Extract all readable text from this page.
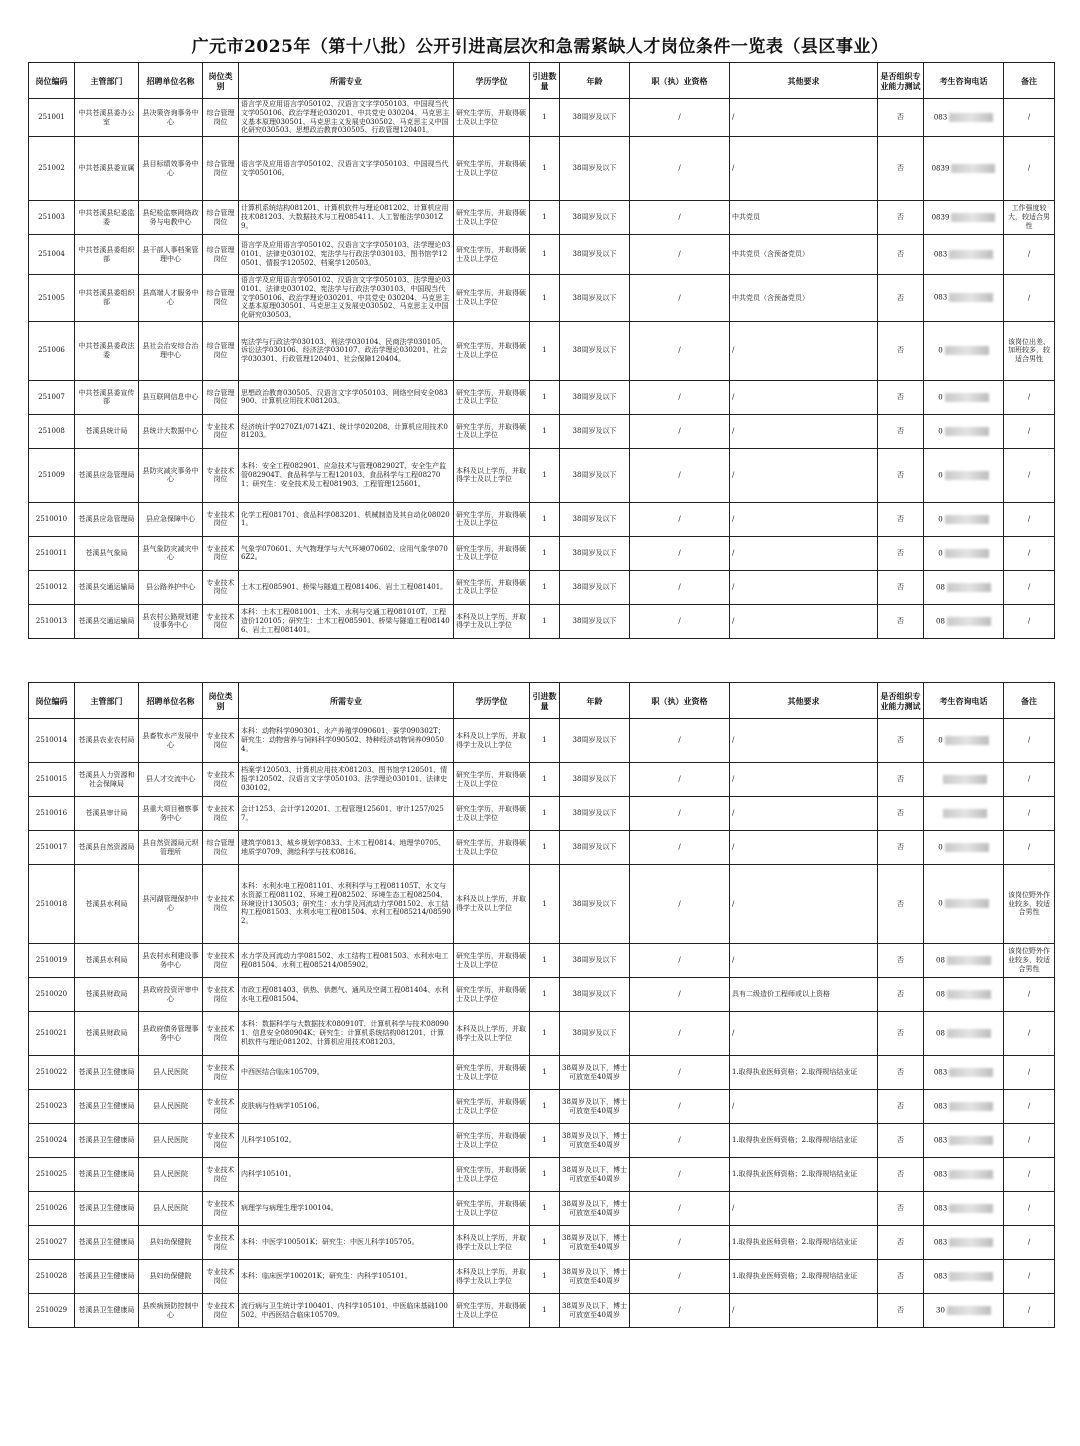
广元市2025年（第十八批）公开引进高层次和急需紧缺人才岗位条件一览表（县区事业）
岗位编码	主管部门	招聘单位名称	岗位类别	所需专业	学历学位	引进数量	年龄	职（执）业资格	其他要求	是否组织专业能力测试	考生咨询电话	备注
251001	中共苍溪县委办公室	县决策咨询事务中心	综合管理岗位	语言学及应用语言学050102、汉语言文字学050103、中国现当代文学050106、政治学理论030201、中共党史 030204、马克思主义基本原理030501、马克思主义发展史030502、马克思主义中国化研究030503、思想政治教育030505、行政管理120401。	研究生学历，并取得硕士及以上学位	1	38周岁及以下	/	/	否	083	/
251002	中共苍溪县委宣属	县目标绩效事务中心	综合管理岗位	语言学及应用语言学050102、汉语言文字学050103、中国现当代文学050106。	研究生学历，并取得硕士及以上学位	1	38周岁及以下	/	/	否	0839	/
251003	中共苍溪县纪委监委	县纪检监察网络政务与电教中心	综合管理岗位	计算机系统结构081201、计算机软件与理论081202、计算机应用技术081203、大数据技术与工程085411、人工智能法学0301Z9。	研究生学历，并取得硕士及以上学位	1	38周岁及以下	/	中共党员	否	0839	工作强度较大，较适合男性
251004	中共苍溪县委组织部	县干部人事档案管理中心	综合管理岗位	语言学及应用语言学050102、汉语言文字学050103、法学理论030101、法律史030102、宪法学与行政法学030103、图书馆学120501、情报学120502、档案学120503。	研究生学历，并取得硕士及以上学位	1	38周岁及以下	/	中共党员（含预备党员）	否	083	/
251005	中共苍溪县委组织部	县高端人才服务中心	综合管理岗位	语言学及应用语言学050102、汉语言文字学050103、法学理论030101、法律史030102、宪法学与行政法学030103、中国现当代文学050106、政治学理论030201、中共党史 030204、马克思主义基本原理030501、马克思主义发展史030502、马克思主义中国化研究030503。	研究生学历，并取得硕士及以上学位	1	38周岁及以下	/	中共党员（含预备党员）	否	083	/
251006	中共苍溪县委政法委	县社会治安综合治理中心	综合管理岗位	宪法学与行政法学030103、刑法学030104、民商法学030105、诉讼法学030106、经济法学030107、政治学理论030201、社会学030301、行政管理120401、社会保障120404。	研究生学历，并取得硕士及以上学位	1	38周岁及以下	/	/	否	0	该岗位出差、加班较多，较适合男性
251007	中共苍溪县委宣传部	县互联网信息中心	综合管理岗位	思想政治教育030505、汉语言文字学050103、网络空间安全083900、计算机应用技术081203。	研究生学历，并取得硕士及以上学位	1	38周岁及以下	/	/	否	0	/
251008	苍溪县统计局	县统计大数据中心	专业技术岗位	经济统计学0270Z1/0714Z1、统计学020208、计算机应用技术081203。	研究生学历，并取得硕士及以上学位	1	38周岁及以下	/	/	否	0	/
251009	苍溪县应急管理局	县防灾减灾事务中心	专业技术岗位	本科：安全工程082901、应急技术与管理082902T、安全生产监管082904T、食品科学与工程120103、食品科学与工程082701；研究生：安全技术及工程081903、工程管理125601。	本科及以上学历，并取得学士及以上学位	1	38周岁及以下	/	/	否	0	/
2510010	苍溪县应急管理局	县应急保障中心	专业技术岗位	化学工程081701、食品科学083201、机械制造及其自动化080201。	研究生学历，并取得硕士及以上学位	1	38周岁及以下	/	/	否	0	/
2510011	苍溪县气象局	县气象防灾减灾中心	专业技术岗位	气象学070601、大气物理学与大气环境070602、应用气象学0706Z2。	研究生学历，并取得硕士及以上学位	1	38周岁及以下	/	/	否	0	/
2510012	苍溪县交通运输局	县公路养护中心	专业技术岗位	土木工程085901、桥梁与隧道工程081406、岩土工程081401。	研究生学历，并取得硕士及以上学位	1	38周岁及以下	/	/	否	08	/
2510013	苍溪县交通运输局	县农村公路规划建设事务中心	专业技术岗位	本科：土木工程081001、土木、水利与交通工程081010T、工程造价120105；研究生：土木工程085901、桥梁与隧道工程081406、岩土工程081401。	本科及以上学历，并取得学士及以上学位	1	38周岁及以下	/	/	否	08	/
岗位编码	主管部门	招聘单位名称	岗位类别	所需专业	学历学位	引进数量	年龄	职（执）业资格	其他要求	是否组织专业能力测试	考生咨询电话	备注
2510014	苍溪县农业农村局	县畜牧水产发展中心	专业技术岗位	本科：动物科学090301、水产养殖学090601、蚕学090302T；研究生：动物营养与饲料科学090502、特种经济动物饲养090504。	本科及以上学历，并取得学士及以上学位	1	38周岁及以下	/	/	否	0	/
2510015	苍溪县人力资源和社会保障局	县人才交流中心	专业技术岗位	档案学120503、计算机应用技术081203、图书馆学120501、情报学120502、汉语言文字学050103、法学理论030101、法律史030102。	研究生学历，并取得硕士及以上学位	1	38周岁及以下	/	/	否		/
2510016	苍溪县审计局	县重大项目稽察事务中心	专业技术岗位	会计1253、会计学120201、工程管理125601、审计1257/0257。	研究生学历，并取得硕士及以上学位	1	38周岁及以下	/	/	否		/
2510017	苍溪县自然资源局	县自然资源局元坝管理所	综合管理岗位	建筑学0813、城乡规划学0833、土木工程0814、地理学0705、地质学0709、测绘科学与技术0816。	研究生学历，并取得硕士及以上学位	1	38周岁及以下	/	/	否	0	/
2510018	苍溪县水利局	县河湖管理保护中心	专业技术岗位	本科：水利水电工程081101、水利科学与工程081105T、水文与水资源工程081102、环境工程082502、环境生态工程082504、环境设计130503；研究生：水力学及河流动力学081502、水工结构工程081503、水利水电工程081504、水利工程085214/085902。	本科及以上学历，并取得学士及以上学位	1	38周岁及以下	/	/	否	0	该岗位野外作业较多，较适合男性
2510019	苍溪县水利局	县农村水利建设事务中心	专业技术岗位	水力学及河流动力学081502、水工结构工程081503、水利水电工程081504、水利工程085214/085902。	研究生学历，并取得硕士及以上学位	1	38周岁及以下	/	/	否	08	该岗位野外作业较多，较适合男性
2510020	苍溪县财政局	县政府投资评审中心	专业技术岗位	市政工程081403、供热、供燃气、通风及空调工程081404、水利水电工程081504。	研究生学历，并取得硕士及以上学位	1	38周岁及以下	/	具有二级造价工程师或以上资格	否	08	/
2510021	苍溪县财政局	县政府债务管理事务中心	专业技术岗位	本科：数据科学与大数据技术080910T、计算机科学与技术080901、信息安全080904K；研究生：计算机系统结构081201、计算机软件与理论081202、计算机应用技术081203。	本科及以上学历，并取得学士及以上学位	1	38周岁及以下	/	/	否	08	/
2510022	苍溪县卫生健康局	县人民医院	专业技术岗位	中西医结合临床105709。	研究生学历，并取得硕士及以上学位	1	38周岁及以下，博士可放宽至40周岁	/	1.取得执业医师资格；2.取得规培结业证	否	083	/
2510023	苍溪县卫生健康局	县人民医院	专业技术岗位	皮肤病与性病学105106。	研究生学历，并取得硕士及以上学位	1	38周岁及以下，博士可放宽至40周岁	/	/	否	083	/
2510024	苍溪县卫生健康局	县人民医院	专业技术岗位	儿科学105102。	研究生学历，并取得硕士及以上学位	1	38周岁及以下，博士可放宽至40周岁	/	1.取得执业医师资格；2.取得规培结业证	否	083	/
2510025	苍溪县卫生健康局	县人民医院	专业技术岗位	内科学105101。	研究生学历，并取得硕士及以上学位	1	38周岁及以下，博士可放宽至40周岁	/	1.取得执业医师资格；2.取得规培结业证	否	083	/
2510026	苍溪县卫生健康局	县人民医院	专业技术岗位	病理学与病理生理学100104。	研究生学历，并取得硕士及以上学位	1	38周岁及以下，博士可放宽至40周岁	/	/	否	083	/
2510027	苍溪县卫生健康局	县妇幼保健院	专业技术岗位	本科：中医学100501K；研究生：中医儿科学105705。	本科及以上学历，并取得学士及以上学位	1	38周岁及以下，博士可放宽至40周岁	/	1.取得执业医师资格；2.取得规培结业证	否	083	/
2510028	苍溪县卫生健康局	县妇幼保健院	专业技术岗位	本科：临床医学100201K；研究生：内科学105101。	本科及以上学历，并取得学士及以上学位	1	38周岁及以下，博士可放宽至40周岁	/	1.取得执业医师资格；2.取得规培结业证	否	083	/
2510029	苍溪县卫生健康局	县疾病预防控制中心	专业技术岗位	流行病与卫生统计学100401、内科学105101、中医临床基础100502、中西医结合临床105709。	研究生学历，并取得硕士及以上学位	1	38周岁及以下，博士可放宽至40周岁	/	/	否	30	/
